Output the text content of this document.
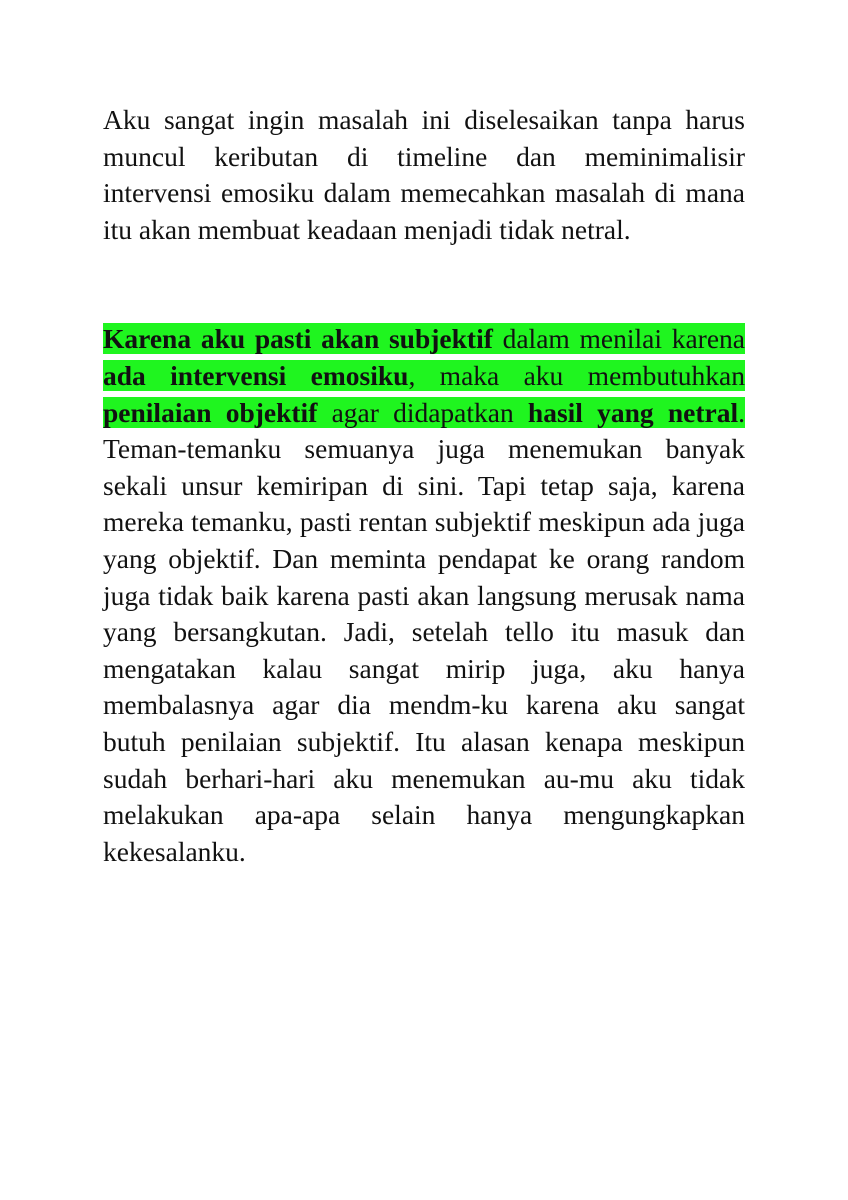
Aku sangat ingin masalah ini diselesaikan tanpa harus muncul keributan di timeline dan meminimalisir intervensi emosiku dalam memecahkan masalah di mana itu akan membuat keadaan menjadi tidak netral.

Karena aku pasti akan subjektif dalam menilai karena ada intervensi emosiku, maka aku membutuhkan penilaian objektif agar didapatkan hasil yang netral. Teman-temanku semuanya juga menemukan banyak sekali unsur kemiripan di sini. Tapi tetap saja, karena mereka temanku, pasti rentan subjektif meskipun ada juga yang objektif. Dan meminta pendapat ke orang random juga tidak baik karena pasti akan langsung merusak nama yang bersangkutan. Jadi, setelah tello itu masuk dan mengatakan kalau sangat mirip juga, aku hanya membalasnya agar dia mendm-ku karena aku sangat butuh penilaian subjektif. Itu alasan kenapa meskipun sudah berhari-hari aku menemukan au-mu aku tidak melakukan apa-apa selain hanya mengungkapkan kekesalanku.
